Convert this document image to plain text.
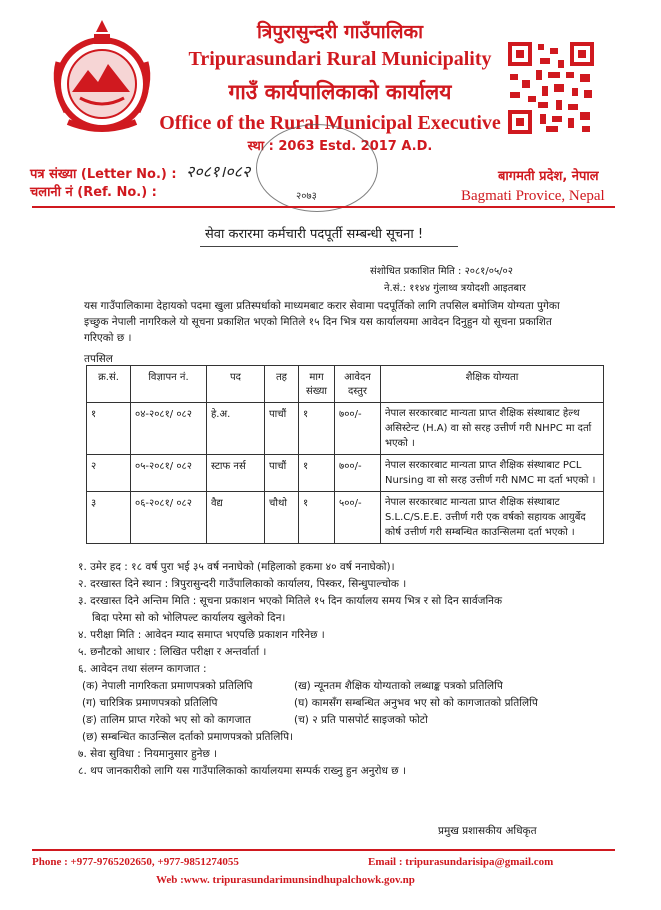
त्रिपुरासुन्दरी गाउँपालिका
Tripurasundari Rural Municipality
गाउँ कार्यपालिकाको कार्यालय
Office of the Rural Municipal Executive
स्था : 2063 Estd. 2017 A.D.
२०७३
पत्र संख्या (Letter No.) : २०८१।०८२
चलानी नं (Ref. No.) :
बागमती प्रदेश, नेपाल
Bagmati Provice, Nepal
सेवा करारमा कर्मचारी पदपूर्ती सम्बन्धी सूचना !
संशोधित प्रकाशित मिति : २०८१/०५/०२
ने.सं.: ११४४ गुंलाथ्व त्रयोदशी आइतबार
यस गाउँपालिकामा देहायको पदमा खुला प्रतिस्पर्धाको माध्यमबाट करार सेवामा पदपूर्तिको लागि तपसिल बमोजिम योग्यता पुगेका इच्छुक नेपाली नागरिकले यो सूचना प्रकाशित भएको मितिले १५ दिन भित्र यस कार्यालयमा आवेदन दिनुहुन यो सूचना प्रकाशित गरिएको छ ।
तपसिल
क्र.सं.	विज्ञापन नं.	पद	तह	माग संख्या	आवेदन दस्तुर	शैक्षिक योग्यता
१	०४-२०८१/ ०८२	हे.अ.	पाचौं	१	७००/-	नेपाल सरकारबाट मान्यता प्राप्त शैक्षिक संस्थाबाट हेल्थ असिस्टेन्ट (H.A) वा सो सरह उत्तीर्ण गरी NHPC मा दर्ता भएको ।
२	०५-२०८१/ ०८२	स्टाफ नर्स	पाचौं	१	७००/-	नेपाल सरकारबाट मान्यता प्राप्त शैक्षिक संस्थाबाट PCL Nursing वा सो सरह उत्तीर्ण गरी NMC मा दर्ता भएको ।
३	०६-२०८१/ ०८२	वैद्य	चौथो	१	५००/-	नेपाल सरकारबाट मान्यता प्राप्त शैक्षिक संस्थाबाट S.L.C/S.E.E. उत्तीर्ण गरी एक वर्षको सहायक आयुर्बेद कोर्ष उत्तीर्ण गरी सम्बन्धित काउन्सिलमा दर्ता भएको ।
१. उमेर हद : १८ वर्ष पुरा भई ३५ वर्ष ननाघेको (महिलाको हकमा ४० वर्ष ननाघेको)।
२. दरखास्त दिने स्थान : त्रिपुरासुन्दरी गाउँपालिकाको कार्यालय, पिस्कर, सिन्धुपाल्चोक ।
३. दरखास्त दिने अन्तिम मिति : सूचना प्रकाशन भएको मितिले १५ दिन कार्यालय समय भित्र र सो दिन सार्वजनिक
बिदा परेमा सो को भोलिपल्ट कार्यालय खुलेको दिन।
४. परीक्षा मिति : आवेदन म्याद समाप्त भएपछि प्रकाशन गरिनेछ ।
५. छनौटको आधार : लिखित परीक्षा र अन्तर्वार्ता ।
६. आवेदन तथा संलग्न कागजात :
(क) नेपाली नागरिकता प्रमाणपत्रको प्रतिलिपि	(ख) न्यूनतम शैक्षिक योग्यताको लब्धाङ्क पत्रको प्रतिलिपि
(ग) चारित्रिक प्रमाणपत्रको प्रतिलिपि	(घ) कामसँग सम्बन्धित अनुभव भए सो को कागजातको प्रतिलिपि
(ङ) तालिम प्राप्त गरेको भए सो को कागजात	(च) २ प्रति पासपोर्ट साइजको फोटो
(छ) सम्बन्धित काउन्सिल दर्ताको प्रमाणपत्रको प्रतिलिपि।
७. सेवा सुविधा : नियमानुसार हुनेछ ।
८. थप जानकारीको लागि यस गाउँपालिकाको कार्यालयमा सम्पर्क राख्नु हुन अनुरोध छ ।
प्रमुख प्रशासकीय अधिकृत
Phone : +977-9765202650, +977-9851274055	Email : tripurasundarisipa@gmail.com
Web :www. tripurasundarimunsindhupalchowk.gov.np
